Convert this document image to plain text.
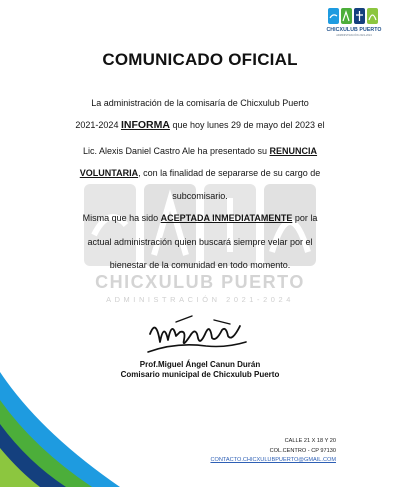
CHICXULUB PUERTO
ADMINISTRACIÓN 2021-2024
COMUNICADO OFICIAL
CHICXULUB PUERTO
ADMINISTRACIÓN 2021-2024
La administración de la comisaría de Chicxulub Puerto
2021-2024 INFORMA que hoy lunes 29 de mayo del 2023 el
Lic. Alexis Daniel Castro Ale ha presentado su RENUNCIA
VOLUNTARIA, con la finalidad de separarse de su cargo de
subcomisario.
Misma que ha sido ACEPTADA INMEDIATAMENTE por la
actual administración quien buscará siempre velar por el
bienestar de la comunidad en todo momento.
Prof.Miguel Ángel Canun Durán
Comisario municipal de Chicxulub Puerto
CALLE 21 X 18 Y 20
COL.CENTRO - CP 97130
CONTACTO.CHICXULUBPUERTO@GMAIL.COM
